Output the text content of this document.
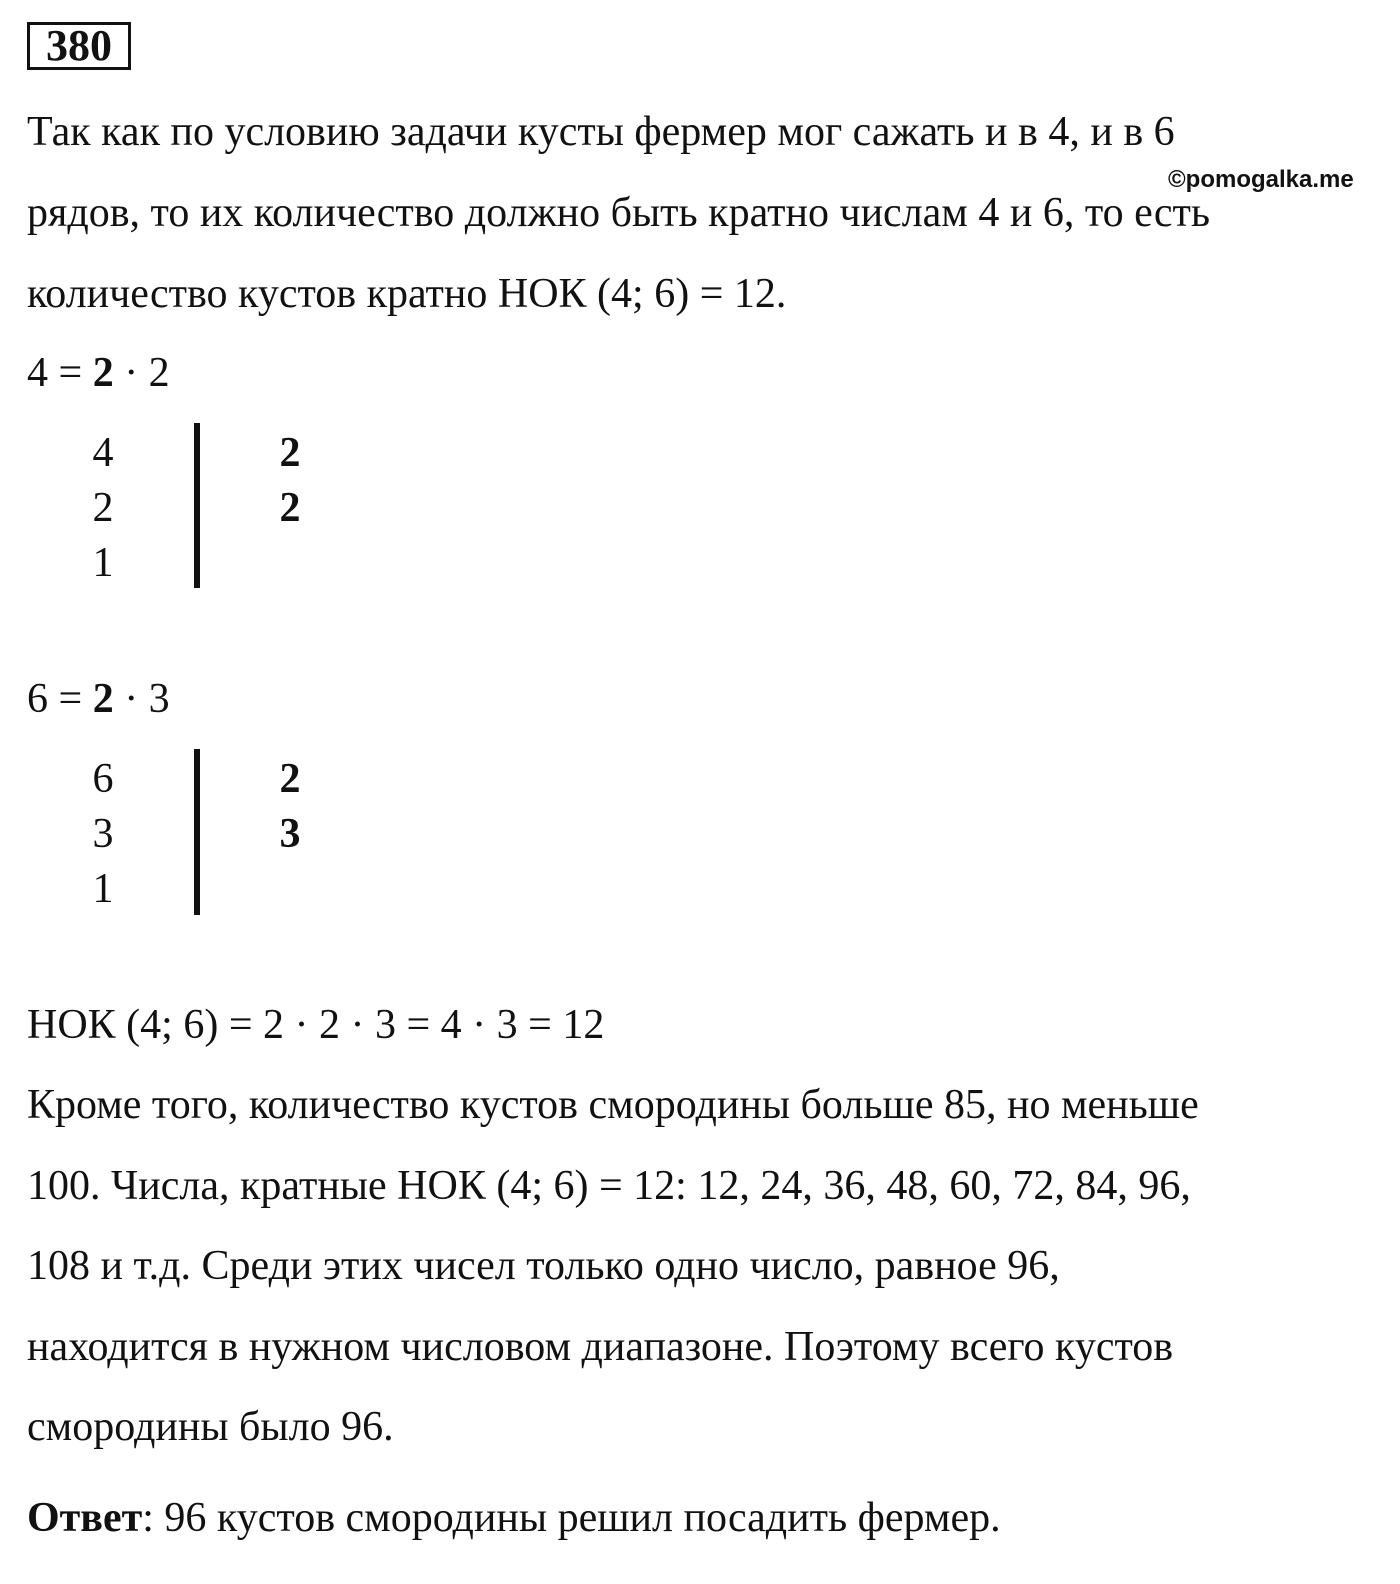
380
©pomogalka.me
Так как по условию задачи кусты фермер мог сажать и в 4, и в 6
рядов, то их количество должно быть кратно числам 4 и 6, то есть
количество кустов кратно НОК (4; 6) = 12.
4 = 2 · 2
4
2
1
2
2
6 = 2 · 3
6
3
1
2
3
НОК (4; 6) = 2 · 2 · 3 = 4 · 3 = 12
Кроме того, количество кустов смородины больше 85, но меньше
100. Числа, кратные НОК (4; 6) = 12: 12, 24, 36, 48, 60, 72, 84, 96,
108 и т.д. Среди этих чисел только одно число, равное 96,
находится в нужном числовом диапазоне. Поэтому всего кустов
смородины было 96.
Ответ: 96 кустов смородины решил посадить фермер.
